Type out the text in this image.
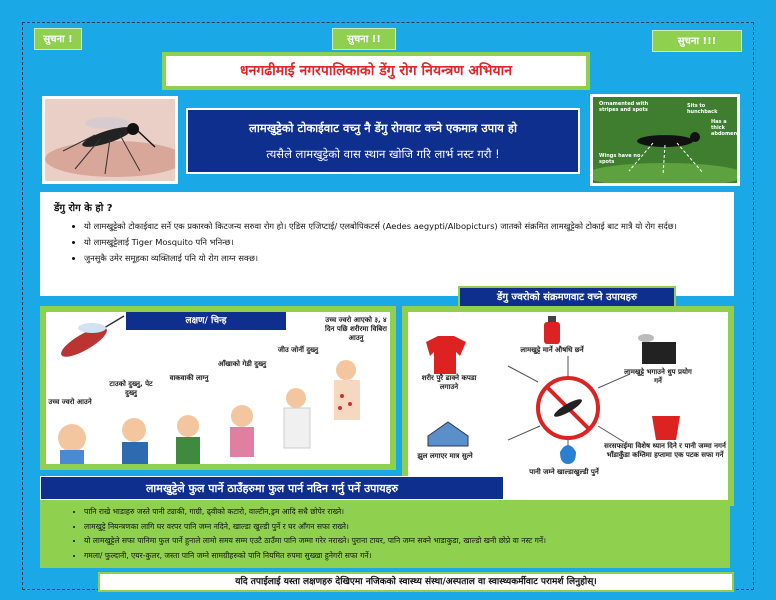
सुचना !	सुचना !!	सुचना !!!
धनगढीमाई नगरपालिकाको डेंगु रोग नियन्त्रण अभियान
लामखुट्टेको टोकाईवाट वच्नु नै डेंगु रोगवाट वच्ने एकमात्र उपाय हो
त्यसैले लामखुट्टेको वास स्थान खोजि गरि लार्भ नस्ट गरौ !
Ornamented with stripes and spots
Sits to hunchback
Has a thick abdomen
Wings have no spots
डेंगु रोग के हो ?
• यो लामखुट्टेको टोकाईवाट सर्ने एक प्रकारको किटजन्य सरुवा रोग हो। एडिस एजिप्टाई/ एलबोपिकटर्स (Aedes aegypti/Albopicturs) जातको संक्रमित लामखुट्टेको टोकाई बाट मात्रै यो रोग सर्दछ।
• यो लामखुट्टेलाई Tiger Mosquito पनि भनिन्छ।
• जुनसुकै उमेर समूहका व्यक्तिलाई पनि यो रोग लाग्न सक्छ।
डेंगु ज्वरोको संक्रमणवाट वच्ने उपायहरु
लक्षण/ चिन्ह
उच्च ज्वरो आउने
टाउको दुख्नु, पेट दुख्नु
वाकवाकी लाग्नु
आँखाको गेडी दुख्नु
जीउ जोर्नी दुख्नु
उच्च ज्वरो आएको ३, ४ दिन पछि शरीरमा विबिरा आउनु
लामखुट्टे मार्ने औषधि छर्ने
शरीर पुरै ढाक्ने कपडा लगाउने
लामखुट्टे भगाउने धुप प्रयोग गर्ने
झुल लगाएर मात्र सुत्ने
पानी जम्ने खाल्डाखुल्डी पुर्ने
सरसफाईमा विशेष ध्यान दिने र पानी जम्मा नगर्न भाँडाकुँडा कम्तिमा हप्तामा एक पटक सफा गर्ने
लामखुट्टेले फुल पार्ने ठाउँहरुमा फुल पार्न नदिन गर्नु पर्ने उपायहरु
• पानि राखे भाडाहरु जस्ते पानी ट्याकी, गाग्री, ढ्वीको कटारो, वाल्टीन,ड्रम आदि सधै छोपेर राख्ने।
• लामखुट्टे नियन्त्रणका लागि घर वरपर पानि जम्न नदिने, खाल्डा खुल्डी पुर्ने र घर आँगन सफा राख्ने।
• यो लामखुट्टेले सफा पानिमा फुल पार्ने हुनाले लामो समय सम्म एउटै ठाउँमा पानि जम्मा गरेर नराख्ने। पुराना टायर, पानि जम्न सक्ने भाडाकुडा, खाल्डो खनी छोप्ने वा नस्ट गर्ने।
• गमला/ फुल्दानी, एयर-कुलर, जस्ता पानि जम्ने सामग्रीहरुको पानि नियमित रुपमा सुख्खा हुनेगरी सफा गर्ने।
यदि तपाईलाई यस्ता लक्षणहरु देखिएमा नजिकको स्वास्थ्य संस्था/अस्पताल वा स्वास्थ्यकर्मीवाट परामर्श लिनुहोस्।
